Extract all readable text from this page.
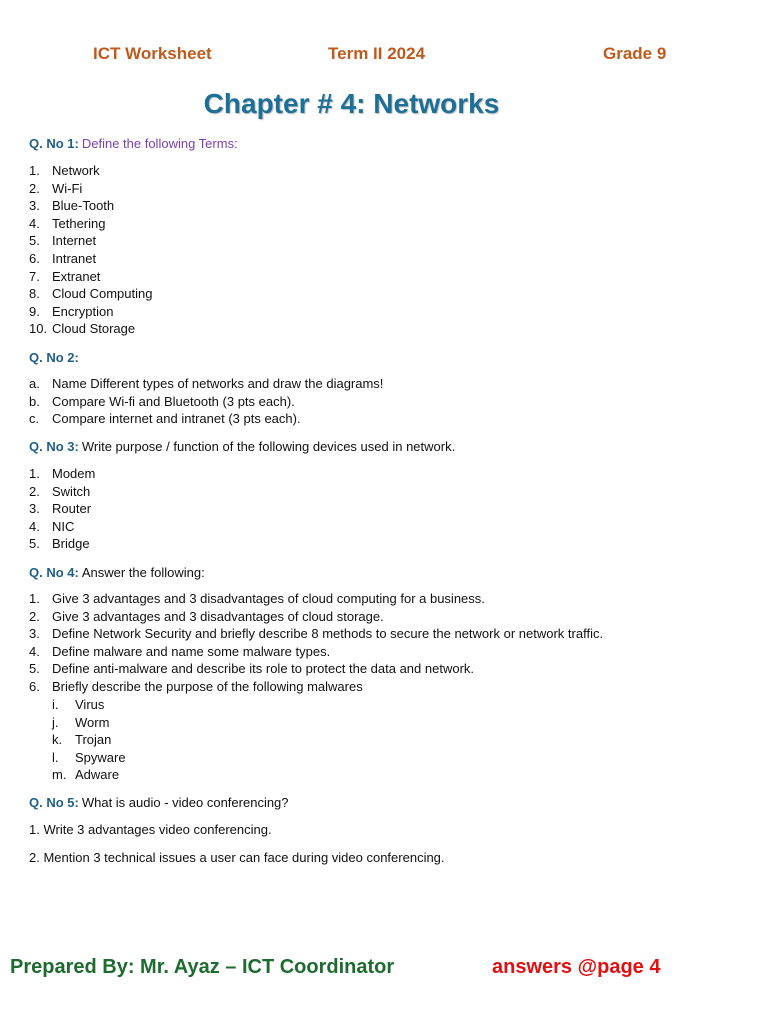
ICT Worksheet	Term II 2024	Grade 9
Chapter # 4: Networks
Q. No 1: Define the following Terms:
1. Network
2. Wi-Fi
3. Blue-Tooth
4. Tethering
5. Internet
6. Intranet
7. Extranet
8. Cloud Computing
9. Encryption
10. Cloud Storage
Q. No 2:
a. Name Different types of networks and draw the diagrams!
b. Compare Wi-fi and Bluetooth (3 pts each).
c. Compare internet and intranet (3 pts each).
Q. No 3: Write purpose / function of the following devices used in network.
1. Modem
2. Switch
3. Router
4. NIC
5. Bridge
Q. No 4: Answer the following:
1. Give 3 advantages and 3 disadvantages of cloud computing for a business.
2. Give 3 advantages and 3 disadvantages of cloud storage.
3. Define Network Security and briefly describe 8 methods to secure the network or network traffic.
4. Define malware and name some malware types.
5. Define anti-malware and describe its role to protect the data and network.
6. Briefly describe the purpose of the following malwares
i. Virus
j. Worm
k. Trojan
l. Spyware
m. Adware
Q. No 5: What is audio - video conferencing?
1. Write 3 advantages video conferencing.
2. Mention 3 technical issues a user can face during video conferencing.
Prepared By: Mr. Ayaz – ICT Coordinator	answers @page 4
